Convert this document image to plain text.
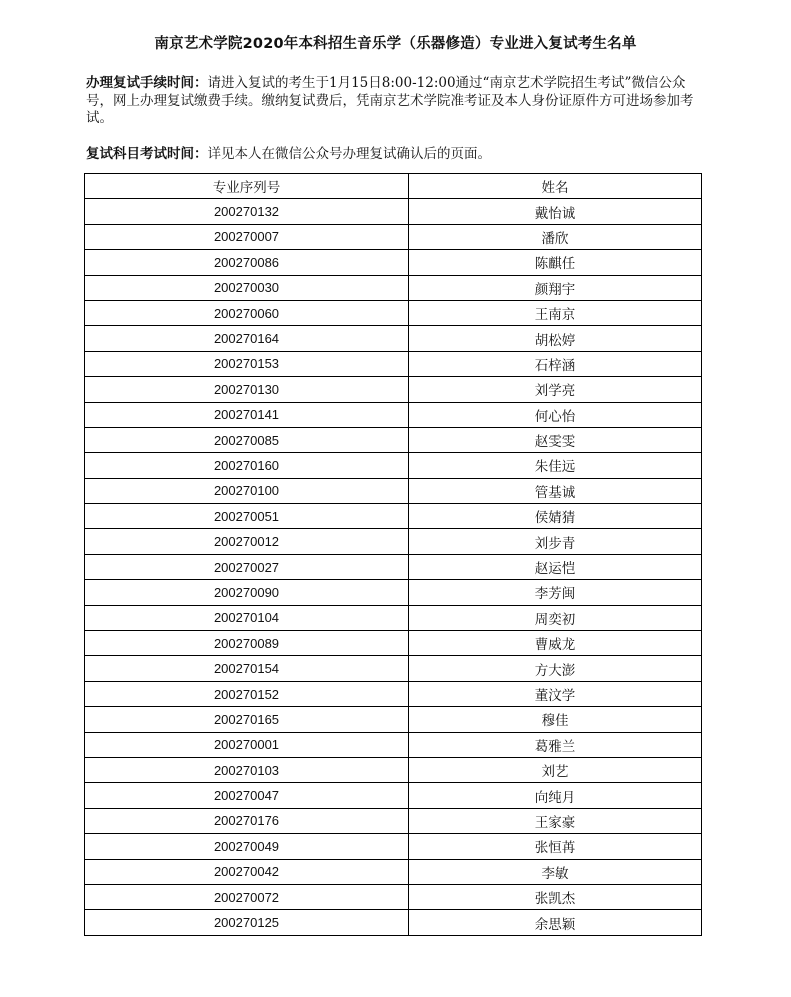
南京艺术学院2020年本科招生音乐学（乐器修造）专业进入复试考生名单
办理复试手续时间：请进入复试的考生于1月15日8:00-12:00通过“南京艺术学院招生考试”微信公众号，网上办理复试缴费手续。缴纳复试费后，凭南京艺术学院准考证及本人身份证原件方可进场参加考试。
复试科目考试时间：详见本人在微信公众号办理复试确认后的页面。
专业序列号	姓名
200270132	戴怡诚
200270007	潘欣
200270086	陈麒任
200270030	颜翔宇
200270060	王南京
200270164	胡松婷
200270153	石梓涵
200270130	刘学亮
200270141	何心怡
200270085	赵雯雯
200270160	朱佳远
200270100	管基诚
200270051	侯婧猜
200270012	刘步青
200270027	赵运恺
200270090	李芳闽
200270104	周奕初
200270089	曹威龙
200270154	方大澎
200270152	董汶学
200270165	穆佳
200270001	葛雅兰
200270103	刘艺
200270047	向纯月
200270176	王家豪
200270049	张恒苒
200270042	李敏
200270072	张凯杰
200270125	余思颖
